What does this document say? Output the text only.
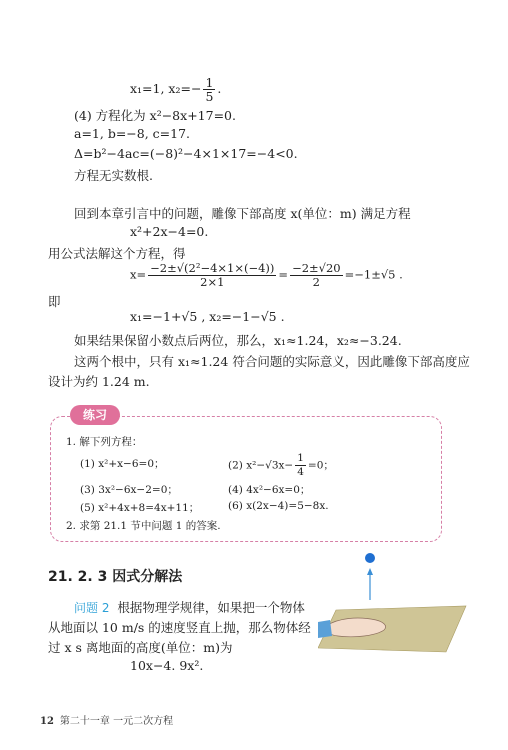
x₁=1, $x_2=- \frac{1}{5}$ .
(4) 方程化为 x²−8x+17=0.
a=1, b=−8, c=17.
Δ=b²−4ac=(−8)²−4×1×17=−4<0.
方程无实数根.
回到本章引言中的问题，雕像下部高度 x(单位：m) 满足方程
x²+2x−4=0.
用公式法解这个方程，得
$x= \frac{\text{−2±√(2²−4×1×(−4))}}{2\times 1} = \frac{-2\pm√20}{2} =-1\pm√5$ .
即
x₁=−1+√5 , x₂=−1−√5 .
如果结果保留小数点后两位，那么，x₁≈1.24，x₂≈−3.24.
这两个根中，只有 x₁≈1.24 符合问题的实际意义，因此雕像下部高度应
设计为约 1.24 m.
练习
1. 解下列方程：
(1) x²+x−6=0；	(2) $x^2-√3x- \frac{1}{4} =0$；
(3) 3x²−6x−2=0；	(4) 4x²−6x=0；
(5) x²+4x+8=4x+11；	(6) x(2x−4)=5−8x.
2. 求第 21.1 节中问题 1 的答案.
21. 2. 3 因式分解法
问题 2 根据物理学规律，如果把一个物体
从地面以 10 m/s 的速度竖直上抛，那么物体经
过 x s 离地面的高度(单位：m)为
10x−4. 9x².
12 第二十一章 一元二次方程
